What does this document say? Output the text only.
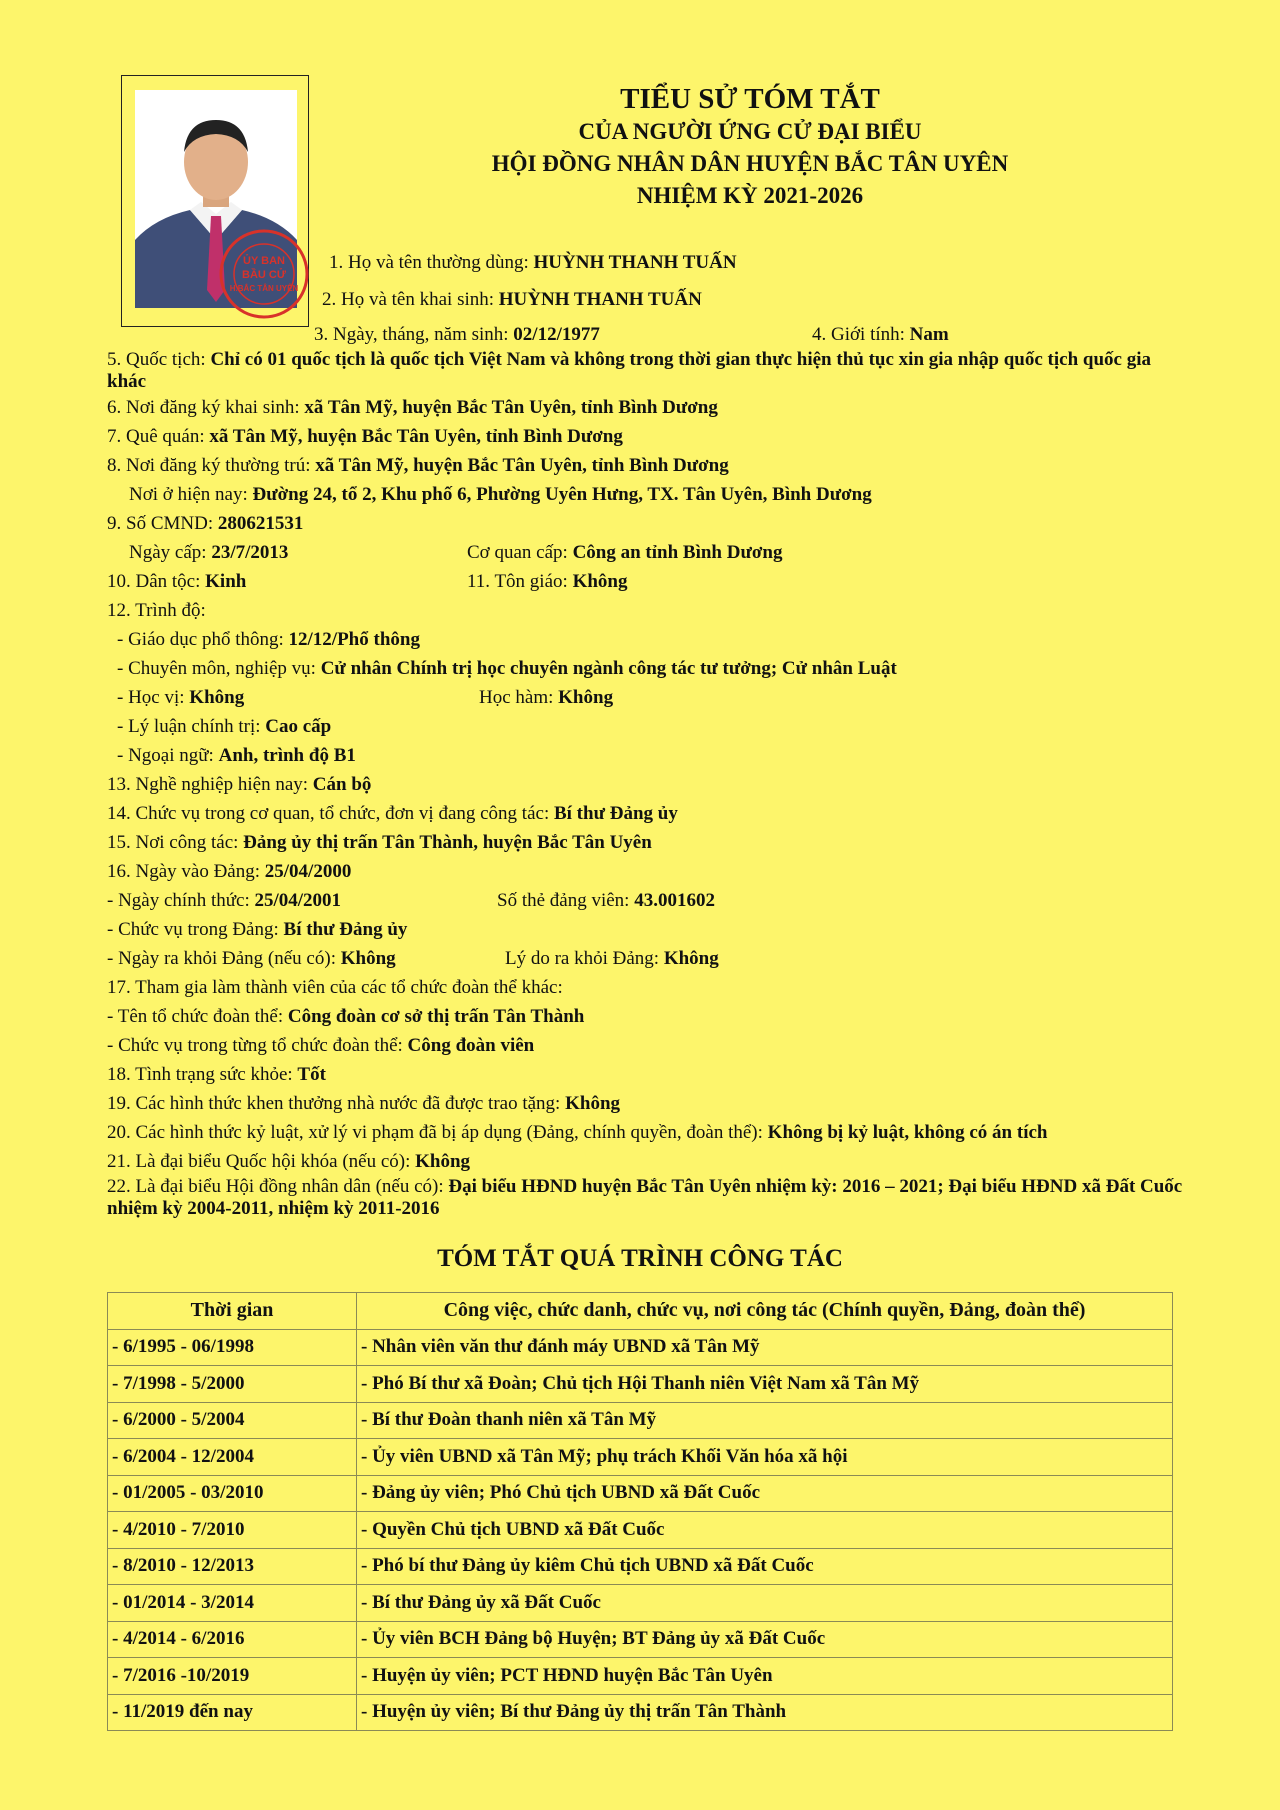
ỦY BAN
BẦU CỬ
H.BẮC TÂN UYÊN
TIỂU SỬ TÓM TẮT
CỦA NGƯỜI ỨNG CỬ ĐẠI BIỂU
HỘI ĐỒNG NHÂN DÂN HUYỆN BẮC TÂN UYÊN
NHIỆM KỲ 2021-2026
1. Họ và tên thường dùng: HUỲNH THANH TUẤN
2. Họ và tên khai sinh: HUỲNH THANH TUẤN
3. Ngày, tháng, năm sinh: 02/12/1977	4. Giới tính: Nam
5. Quốc tịch: Chỉ có 01 quốc tịch là quốc tịch Việt Nam và không trong thời gian thực hiện thủ tục xin gia nhập quốc tịch quốc gia khác
6. Nơi đăng ký khai sinh: xã Tân Mỹ, huyện Bắc Tân Uyên, tỉnh Bình Dương
7. Quê quán: xã Tân Mỹ, huyện Bắc Tân Uyên, tỉnh Bình Dương
8. Nơi đăng ký thường trú: xã Tân Mỹ, huyện Bắc Tân Uyên, tỉnh Bình Dương
Nơi ở hiện nay: Đường 24, tổ 2, Khu phố 6, Phường Uyên Hưng, TX. Tân Uyên, Bình Dương
9. Số CMND: 280621531
Ngày cấp: 23/7/2013	Cơ quan cấp: Công an tỉnh Bình Dương
10. Dân tộc: Kinh	11. Tôn giáo: Không
12. Trình độ:
- Giáo dục phổ thông: 12/12/Phổ thông
- Chuyên môn, nghiệp vụ: Cử nhân Chính trị học chuyên ngành công tác tư tưởng; Cử nhân Luật
- Học vị: Không	Học hàm: Không
- Lý luận chính trị: Cao cấp
- Ngoại ngữ: Anh, trình độ B1
13. Nghề nghiệp hiện nay: Cán bộ
14. Chức vụ trong cơ quan, tổ chức, đơn vị đang công tác: Bí thư Đảng ủy
15. Nơi công tác: Đảng ủy thị trấn Tân Thành, huyện Bắc Tân Uyên
16. Ngày vào Đảng: 25/04/2000
- Ngày chính thức: 25/04/2001	Số thẻ đảng viên: 43.001602
- Chức vụ trong Đảng: Bí thư Đảng ủy
- Ngày ra khỏi Đảng (nếu có): Không	Lý do ra khỏi Đảng: Không
17. Tham gia làm thành viên của các tổ chức đoàn thể khác:
- Tên tổ chức đoàn thể: Công đoàn cơ sở thị trấn Tân Thành
- Chức vụ trong từng tổ chức đoàn thể: Công đoàn viên
18. Tình trạng sức khỏe: Tốt
19. Các hình thức khen thưởng nhà nước đã được trao tặng: Không
20. Các hình thức kỷ luật, xử lý vi phạm đã bị áp dụng (Đảng, chính quyền, đoàn thể): Không bị kỷ luật, không có án tích
21. Là đại biểu Quốc hội khóa (nếu có): Không
22. Là đại biểu Hội đồng nhân dân (nếu có): Đại biểu HĐND huyện Bắc Tân Uyên nhiệm kỳ: 2016 – 2021; Đại biểu HĐND xã Đất Cuốc nhiệm kỳ 2004-2011, nhiệm kỳ 2011-2016
TÓM TẮT QUÁ TRÌNH CÔNG TÁC
Thời gian	Công việc, chức danh, chức vụ, nơi công tác (Chính quyền, Đảng, đoàn thể)
- 6/1995 - 06/1998	- Nhân viên văn thư đánh máy UBND xã Tân Mỹ
- 7/1998 - 5/2000	- Phó Bí thư xã Đoàn; Chủ tịch Hội Thanh niên Việt Nam xã Tân Mỹ
- 6/2000 - 5/2004	- Bí thư Đoàn thanh niên xã Tân Mỹ
- 6/2004 - 12/2004	- Ủy viên UBND xã Tân Mỹ; phụ trách Khối Văn hóa xã hội
- 01/2005 - 03/2010	- Đảng ủy viên; Phó Chủ tịch UBND xã Đất Cuốc
- 4/2010 - 7/2010	- Quyền Chủ tịch UBND xã Đất Cuốc
- 8/2010 - 12/2013	- Phó bí thư Đảng ủy kiêm Chủ tịch UBND xã Đất Cuốc
- 01/2014 - 3/2014	- Bí thư Đảng ủy xã Đất Cuốc
- 4/2014 - 6/2016	- Ủy viên BCH Đảng bộ Huyện; BT Đảng ủy xã Đất Cuốc
- 7/2016 -10/2019	- Huyện ủy viên; PCT HĐND huyện Bắc Tân Uyên
- 11/2019 đến nay	- Huyện ủy viên; Bí thư Đảng ủy thị trấn Tân Thành
